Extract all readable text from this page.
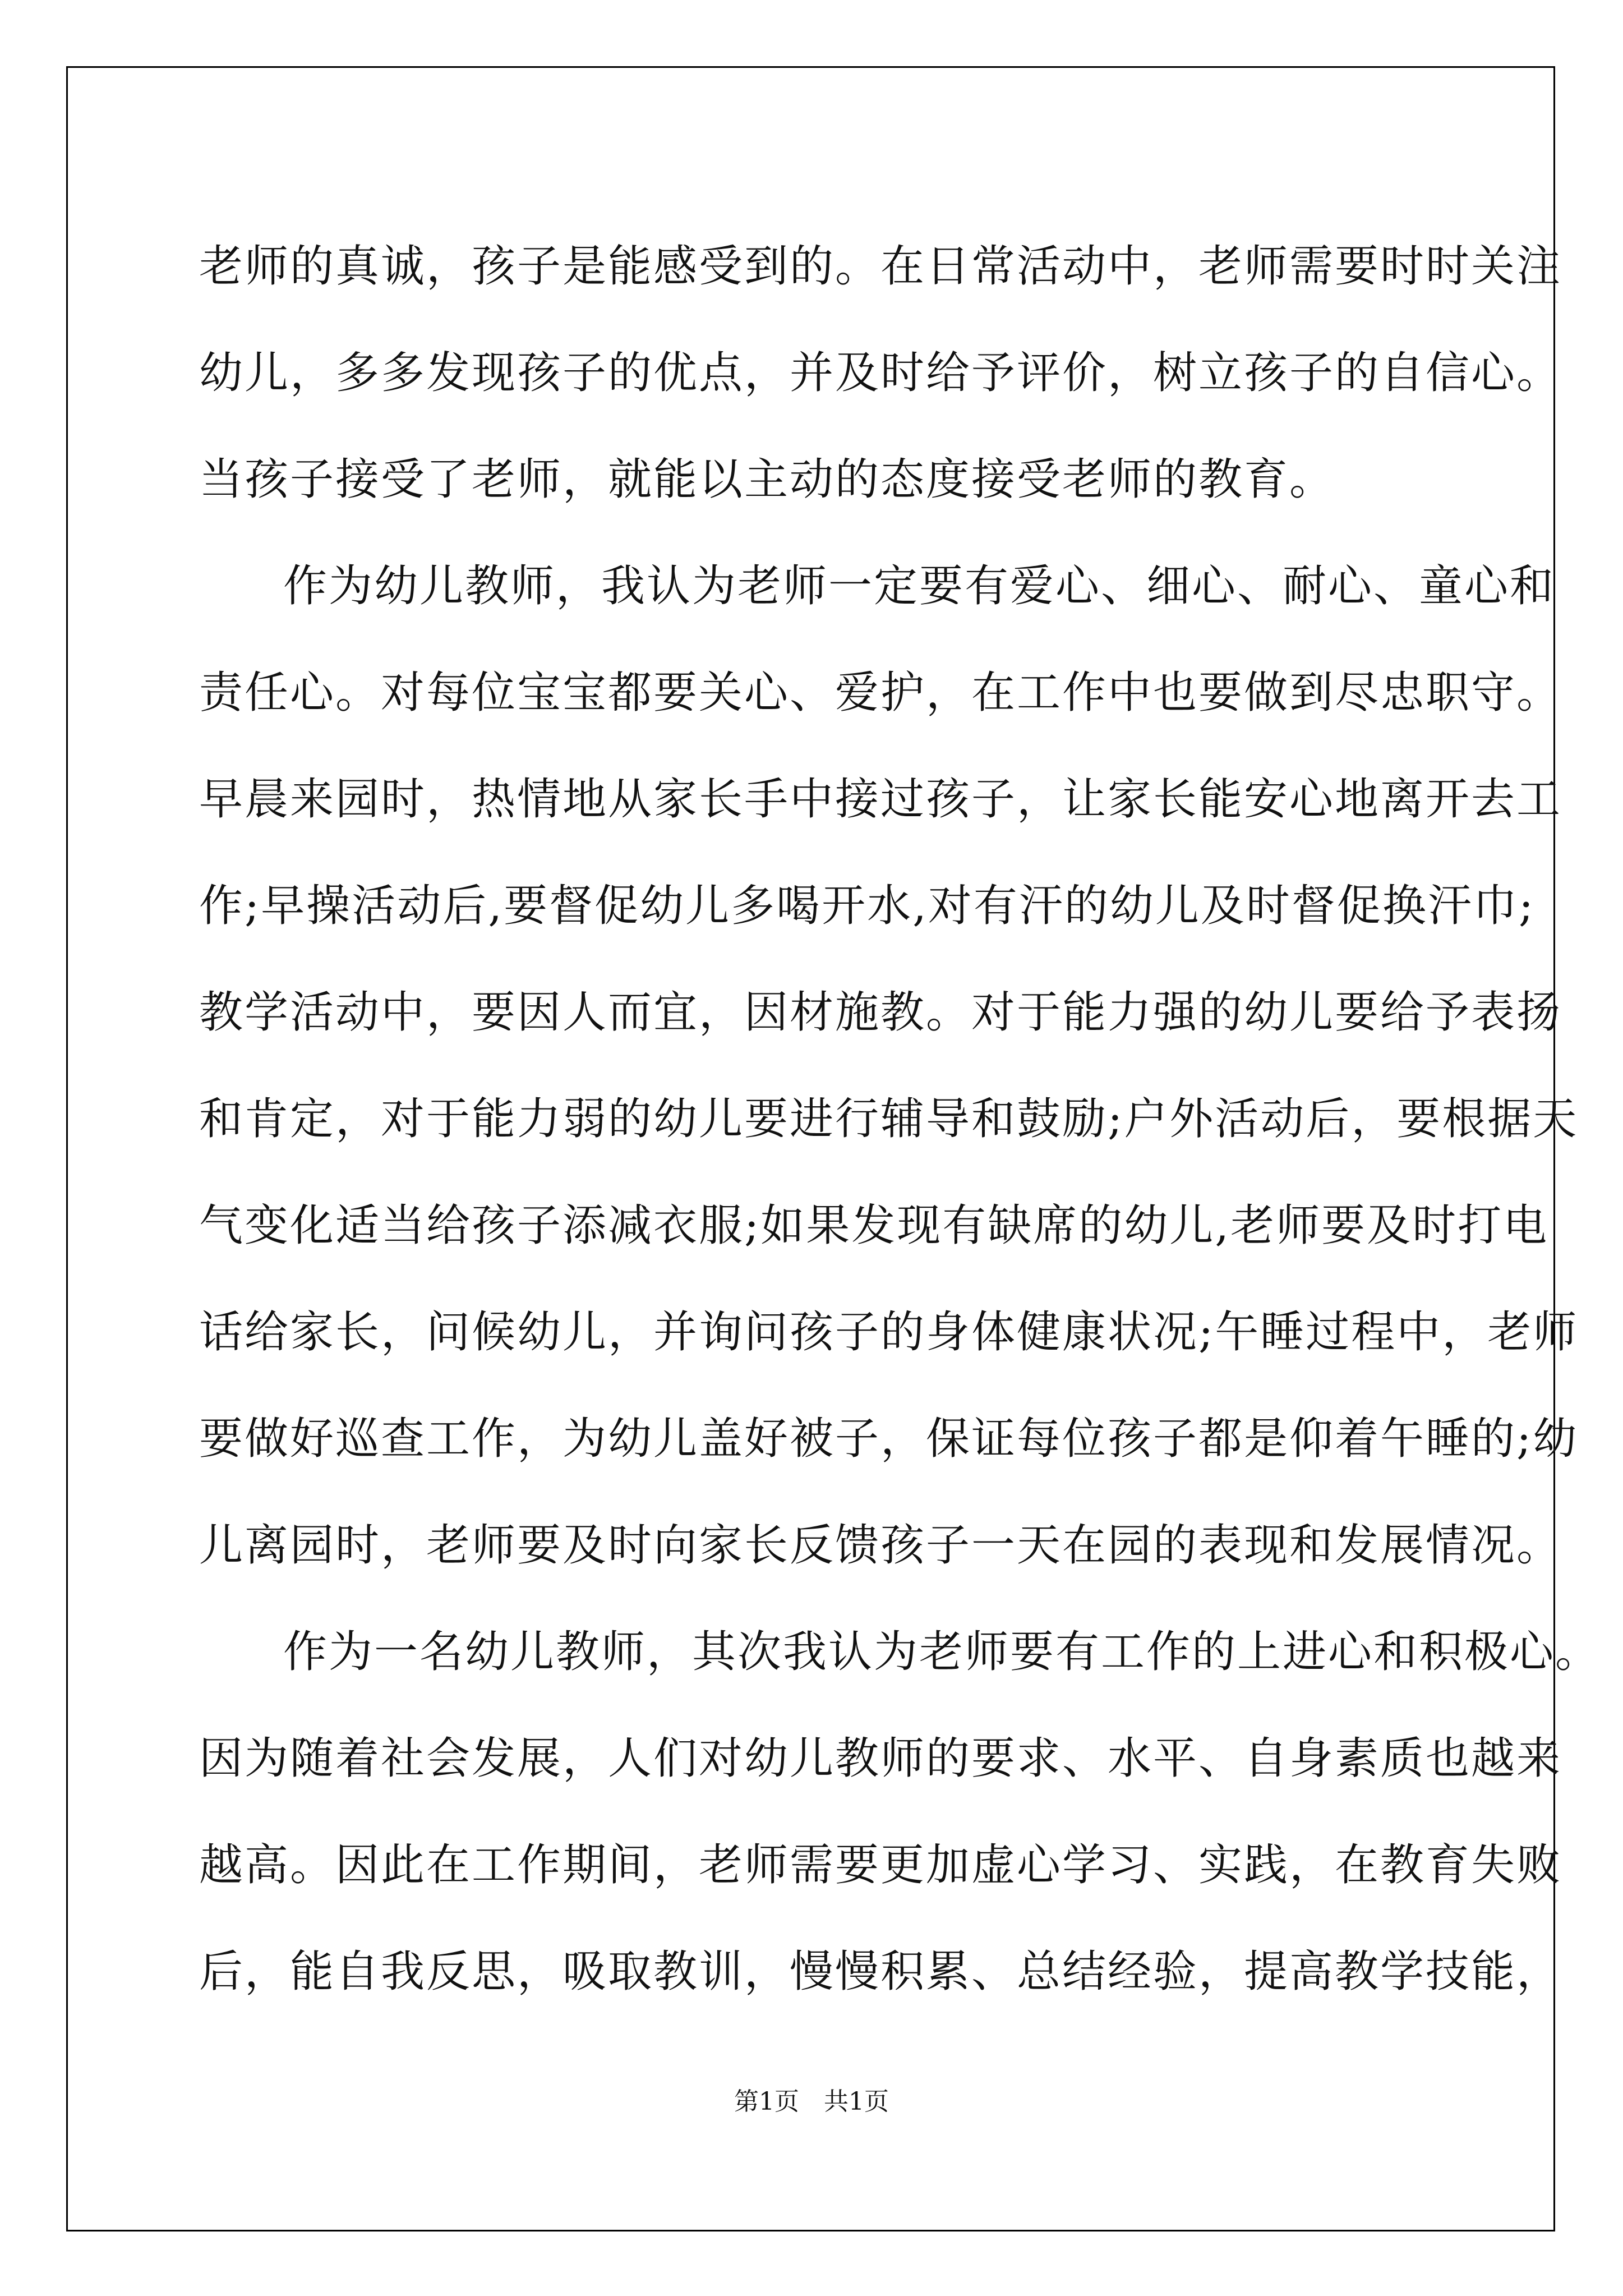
老师的真诚，孩子是能感受到的。在日常活动中，老师需要时时关注
幼儿，多多发现孩子的优点，并及时给予评价，树立孩子的自信心。
当孩子接受了老师，就能以主动的态度接受老师的教育。
作为幼儿教师，我认为老师一定要有爱心、细心、耐心、童心和
责任心。对每位宝宝都要关心、爱护，在工作中也要做到尽忠职守。
早晨来园时，热情地从家长手中接过孩子，让家长能安心地离开去工
作;早操活动后,要督促幼儿多喝开水,对有汗的幼儿及时督促换汗巾;
教学活动中，要因人而宜，因材施教。对于能力强的幼儿要给予表扬
和肯定，对于能力弱的幼儿要进行辅导和鼓励;户外活动后，要根据天
气变化适当给孩子添减衣服;如果发现有缺席的幼儿,老师要及时打电
话给家长，问候幼儿，并询问孩子的身体健康状况;午睡过程中，老师
要做好巡查工作，为幼儿盖好被子，保证每位孩子都是仰着午睡的;幼
儿离园时，老师要及时向家长反馈孩子一天在园的表现和发展情况。
作为一名幼儿教师，其次我认为老师要有工作的上进心和积极心。
因为随着社会发展，人们对幼儿教师的要求、水平、自身素质也越来
越高。因此在工作期间，老师需要更加虚心学习、实践，在教育失败
后，能自我反思，吸取教训，慢慢积累、总结经验，提高教学技能，
第1页　共1页
